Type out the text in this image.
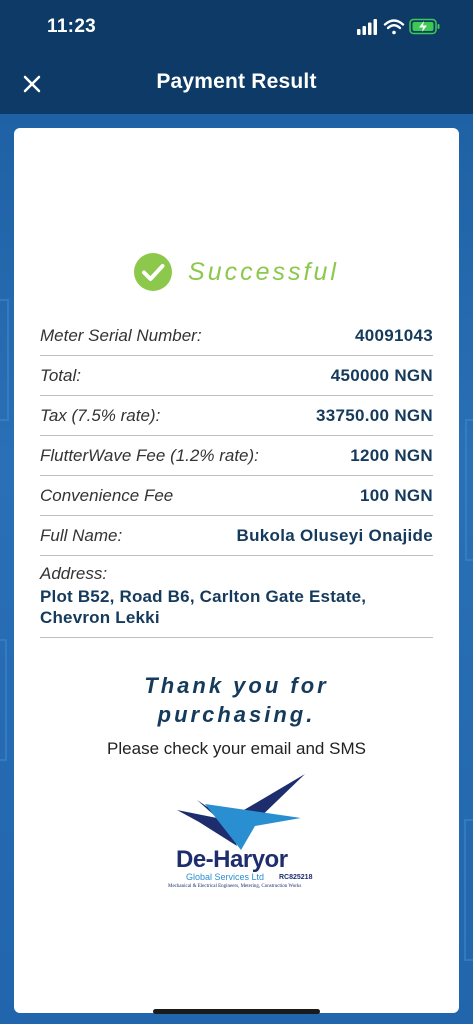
11:23
Payment Result
Successful
Meter Serial Number:	40091043
Total:	450000 NGN
Tax (7.5% rate):	33750.00 NGN
FlutterWave Fee (1.2% rate):	1200 NGN
Convenience Fee	100 NGN
Full Name:	Bukola Oluseyi Onajide
Address:
Plot B52, Road B6, Carlton Gate Estate, Chevron Lekki
Thank you for
purchasing.
Please check your email and SMS
De-Haryor
Global Services Ltd RC825218
Mechanical & Electrical Engineers, Metering, Construction Works
